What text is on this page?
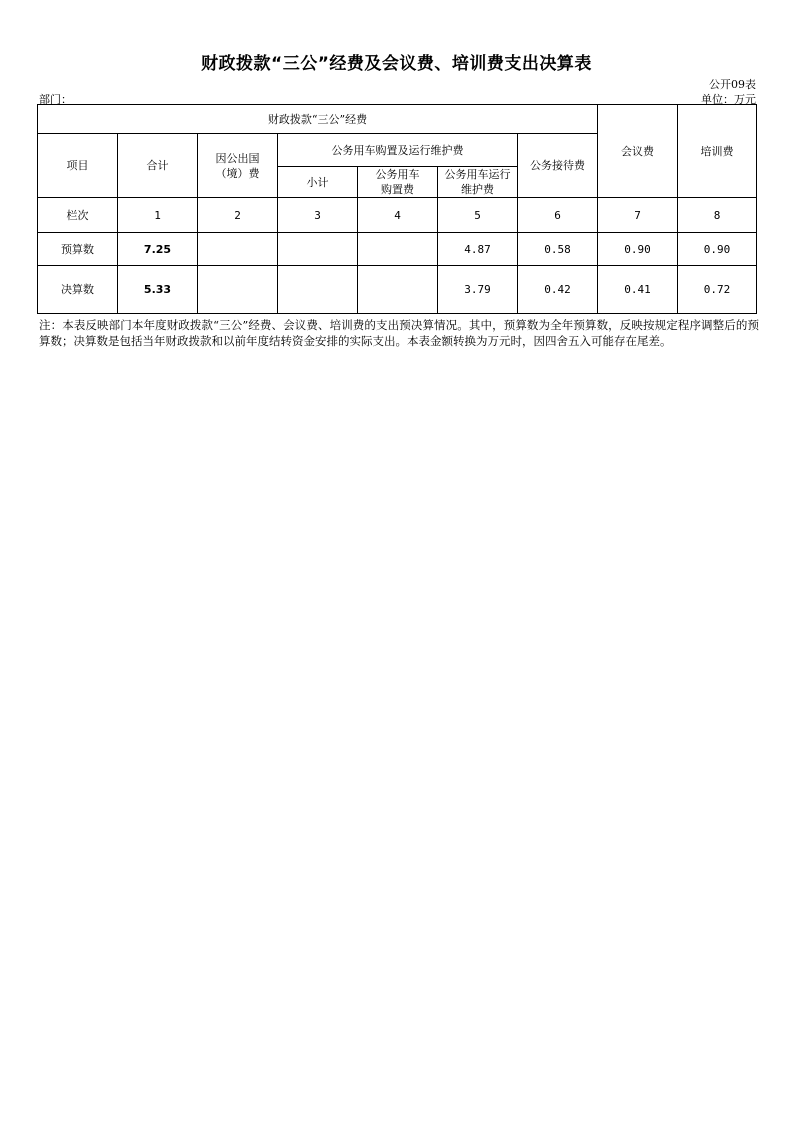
财政拨款“三公”经费及会议费、培训费支出决算表
公开09表
部门：	单位：万元
财政拨款“三公”经费							会议费	培训费
项目	合计	因公出国（境）费	公务用车购置及运行维护费			公务接待费		
			小计	公务用车购置费	公务用车运行维护费			

栏次	1	2	3	4	5	6	7	8
预算数	7.25				4.87	0.58	0.90	0.90
决算数	5.33				3.79	0.42	0.41	0.72
注：本表反映部门本年度财政拨款“三公”经费、会议费、培训费的支出预决算情况。其中，预算数为全年预算数，反映按规定程序调整后的预算数；决算数是包括当年财政拨款和以前年度结转资金安排的实际支出。本表金额转换为万元时，因四舍五入可能存在尾差。
